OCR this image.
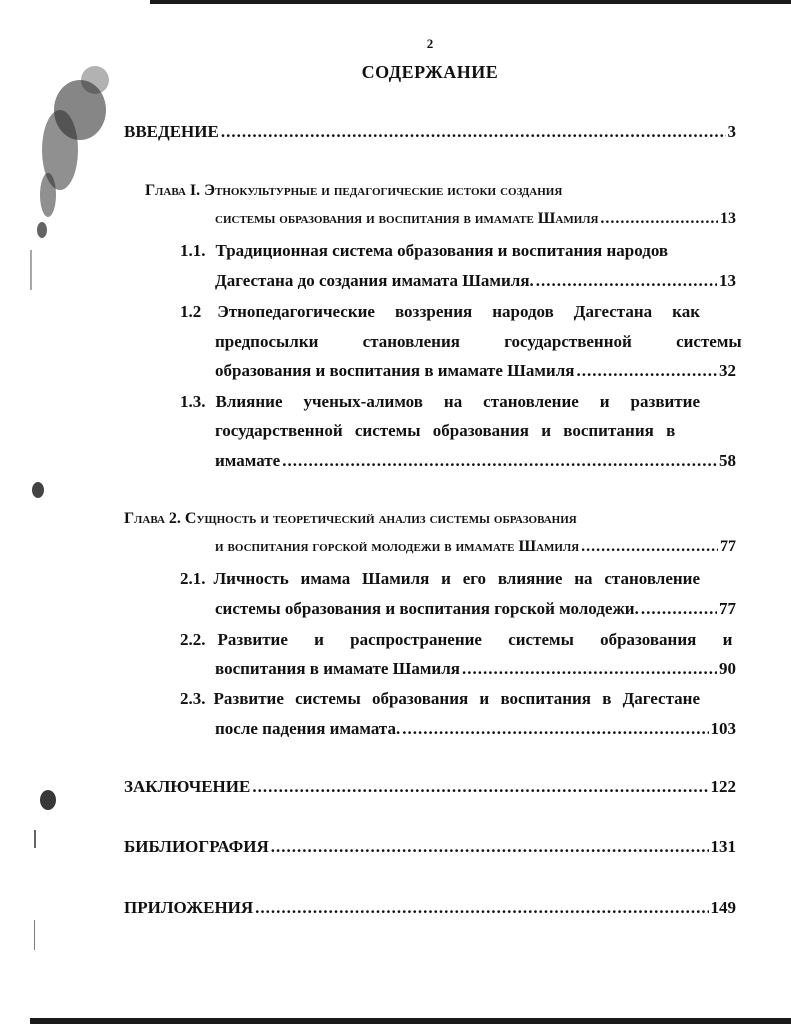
2
СОДЕРЖАНИЕ
ВВЕДЕНИЕ .....	3
Глава I. Этнокультурные и педагогические истоки создания
системы образования и воспитания в имамате Шамиля .....	13
1.1. Традиционная система образования и воспитания народов
Дагестана до создания имамата Шамиля. .....	13
1.2 Этнопедагогические воззрения народов Дагестана как
предпосылки становления государственной системы
образования и воспитания в имамате Шамиля .....	32
1.3. Влияние ученых-алимов на становление и развитие
государственной системы образования и воспитания в
имамате .....	58
Глава 2. Сущность и теоретический анализ системы образования
и воспитания горской молодежи в имамате Шамиля .....	77
2.1. Личность имама Шамиля и его влияние на становление
системы образования и воспитания горской молодежи. .....	77
2.2. Развитие и распространение системы образования и
воспитания в имамате Шамиля .....	90
2.3. Развитие системы образования и воспитания в Дагестане
после падения имамата. .....	103
ЗАКЛЮЧЕНИЕ .....	122
БИБЛИОГРАФИЯ .....	131
ПРИЛОЖЕНИЯ .....	149
